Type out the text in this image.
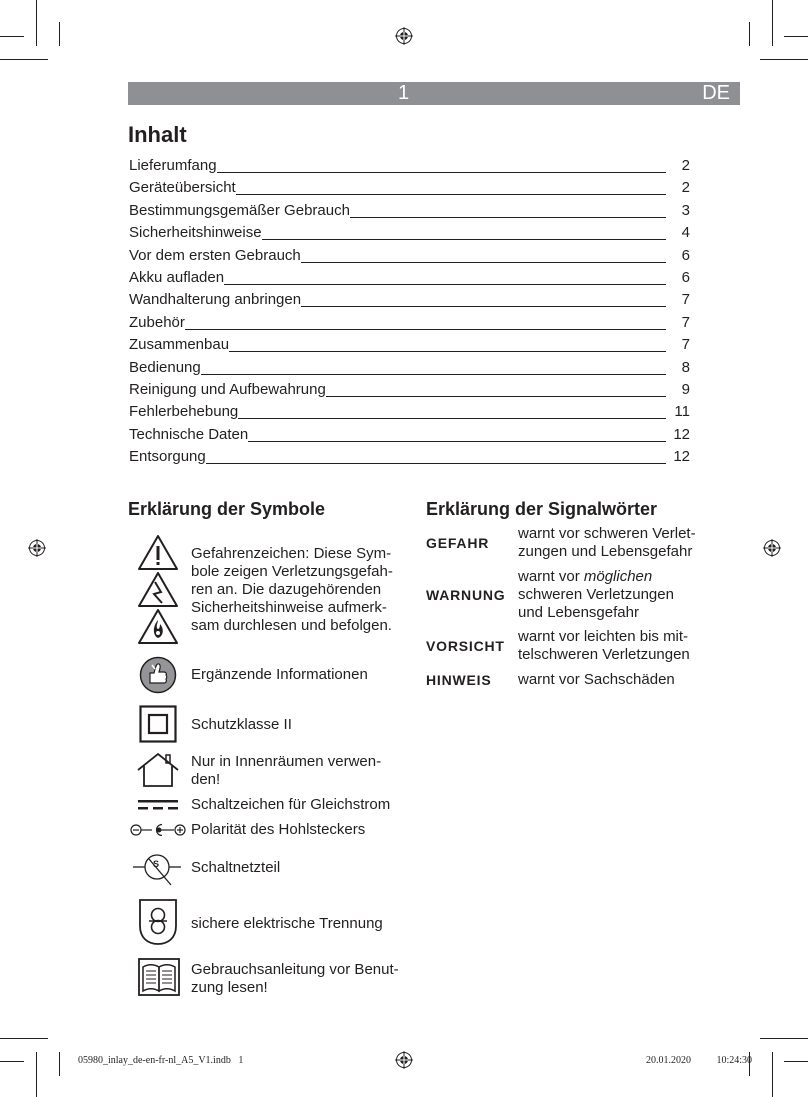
1	DE
Inhalt
Lieferumfang	2
Geräteübersicht	2
Bestimmungsgemäßer Gebrauch	3
Sicherheitshinweise	4
Vor dem ersten Gebrauch	6
Akku aufladen	6
Wandhalterung anbringen	7
Zubehör	7
Zusammenbau	7
Bedienung	8
Reinigung und Aufbewahrung	9
Fehlerbehebung	11
Technische Daten	12
Entsorgung	12
Erklärung der Symbole
Gefahrenzeichen: Diese Sym-
bole zeigen Verletzungsgefah-
ren an. Die dazugehörenden
Sicherheitshinweise aufmerk-
sam durchlesen und befolgen.
Ergänzende Informationen
Schutzklasse II
Nur in Innenräumen verwen-
den!
Schaltzeichen für Gleichstrom
Polarität des Hohlsteckers
S Schaltnetzteil
sichere elektrische Trennung
Gebrauchsanleitung vor Benut-
zung lesen!
Erklärung der Signalwörter
GEFAHR
warnt vor schweren Verlet-
zungen und Lebensgefahr
WARNUNG
warnt vor möglichen
schweren Verletzungen
und Lebensgefahr
VORSICHT
warnt vor leichten bis mit-
telschweren Verletzungen
HINWEIS warnt vor Sachschäden
05980_inlay_de-en-fr-nl_A5_V1.indb   1	20.01.2020   10:24:30
